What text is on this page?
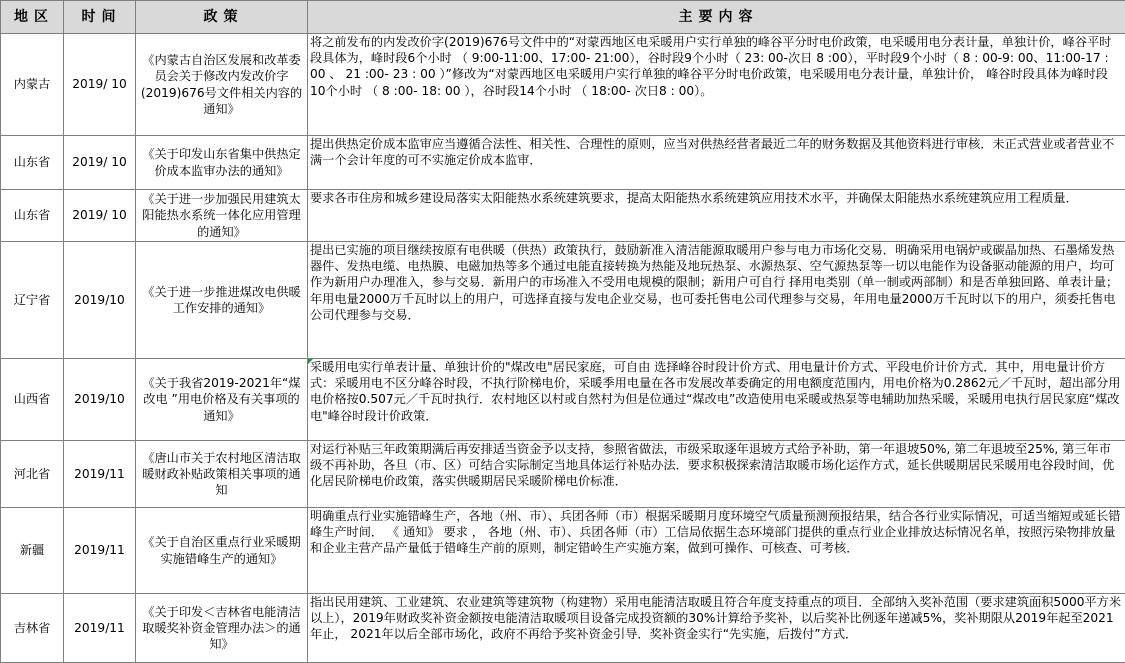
地区	时间	政策	主要内容
内蒙古	2019/ 10	《内蒙古自治区发展和改革委员会关于修改内发改价字(2019)676号文件相关内容的通知》	将之前发布的内发改价字(2019)676号文件中的“对蒙西地区电采暖用户实行单独的峰谷平分时电价政策，电采暖用电分表计量，单独计价，峰谷平时段具体为，峰时段6个小时 （ 9:00-11:00、17:00- 21:00），谷时段9个小时（ 23: 00-次日 8 :00），平时段9个小时（ 8 : 00-9: 00、11:00-17 : 00 、 21 :00- 23 : 00 ）”修改为“对蒙西地区电采暖用户实行单独的峰谷平分时电价政策，电采暖用电分表计量，单独计价， 峰谷时段具体为峰时段10个小时 （ 8 :00- 18: 00 ），谷时段14个小时 （ 18:00- 次日8 : 00）。
山东省	2019/ 10	《关于印发山东省集中供热定价成本监审办法的通知》	提出供热定价成本监审应当遵循合法性、相关性、合理性的原则，应当对供热经营者最近二年的财务数据及其他资料进行审核．未正式营业或者营业不满一个会计年度的可不实施定价成本监审．
山东省	2019/ 10	《关于进一步加强民用建筑太阳能热水系统一体化应用管理的通知》	要求各市住房和城乡建设局落实太阳能热水系统建筑要求，提高太阳能热水系统建筑应用技术水平，并确保太阳能热水系统建筑应用工程质量．
辽宁省	2019/10	《关于进一步推进煤改电供暖工作安排的通知》	提出已实施的项目继续按原有电供暖（供热）政策执行，鼓励新准入清洁能源取暖用户参与电力市场化交易．明确采用电锅炉或碳晶加热、石墨烯发热器件、发热电缆、电热膜、电磁加热等多个通过电能直接转换为热能及地玩热泵、水源热泵、空气源热泵等一切以电能作为设备驱动能源的用户，均可作为新用户办理准入，参与交易．新用户的市场准入不受用电规模的限制；新用户可自行 择用电类别（单一制或两部制）和是否单独回路、单表计量；年用电量2000万千瓦时以上的用户，可选择直接与发电企业交易，也可委托售电公司代理参与交易，年用电量2000万千瓦时以下的用户，须委托售电公司代理参与交易．
山西省	2019/10	《关于我省2019-2021年“煤改电 ”用电价格及有关事项的通知》	采暖用电实行单表计量、单独计价的"煤改电"居民家庭，可自由 选择峰谷时段计价方式、用电量计价方式、平段电价计价方式．其中，用电量计价方式：采暖用电不区分峰谷时段，不执行阶梯电价，采暖季用电量在各市发展改革委确定的用电额度范围内，用电价格为0.2862元／千瓦时，超出部分用电价格按0.507元／千瓦时执行．农村地区以村或自然村为但是位通过“煤改电”改造使用电采暖或热泵等电辅助加热采暖，采暖用电执行居民家庭“煤改电"峰谷时段计价政策．
河北省	2019/11	《唐山市关于农村地区清洁取暖财政补贴政策相关事项的通知	对运行补贴三年政策期满后再安排适当资金予以支持，参照省做法，市级采取逐年退坡方式给予补助，第一年退坡50%, 第二年退坡至25%, 第三年市级不再补助，各旦（市、区）可结合实际制定当地具体运行补贴办法．要求积极探索清洁取暖市场化运作方式，延长供暖期居民采暖用电谷段时间，优化居民阶梯电价政策，落实供暖期居民采暖阶梯电价标准．
新疆	2019/11	《关于自治区重点行业采暖期实施错峰生产的通知》	明确重点行业实施错峰生产，各地（州、市）、兵团各师（市）根据采暖期月度环境空气质量预测预报结果，结合各行业实际情况，可适当缩短或延长错峰生产时间． 《 通知》 要求 ， 各地（州、市）、兵团各师（市）工信局依据生态环境部门提供的重点行业企业排放达标情况名单，按照污染物排放量和企业主营产品产量低于错峰生产前的原则，制定错岭生产实施方案，做到可操作、可核查、可考核．
吉林省	2019/11	《关于印发＜吉林省电能清洁取暖奖补资金管理办法＞的通知》	指出民用建筑、工业建筑、农业建筑等建筑物（构建物）采用电能清洁取暖且符合年度支持重点的项目．全部纳入奖补范围（要求建筑面积5000平方米以上），2019年财政奖补资金额按电能清洁取暖项目设备完成投资额的30%计算给予奖补，以后奖补比例逐年递减5%，奖补期限从2019年起至2021年止， 2021年以后全部市场化，政府不再给予奖补资金引导．奖补资金实行“先实施，后拨付”方式．
